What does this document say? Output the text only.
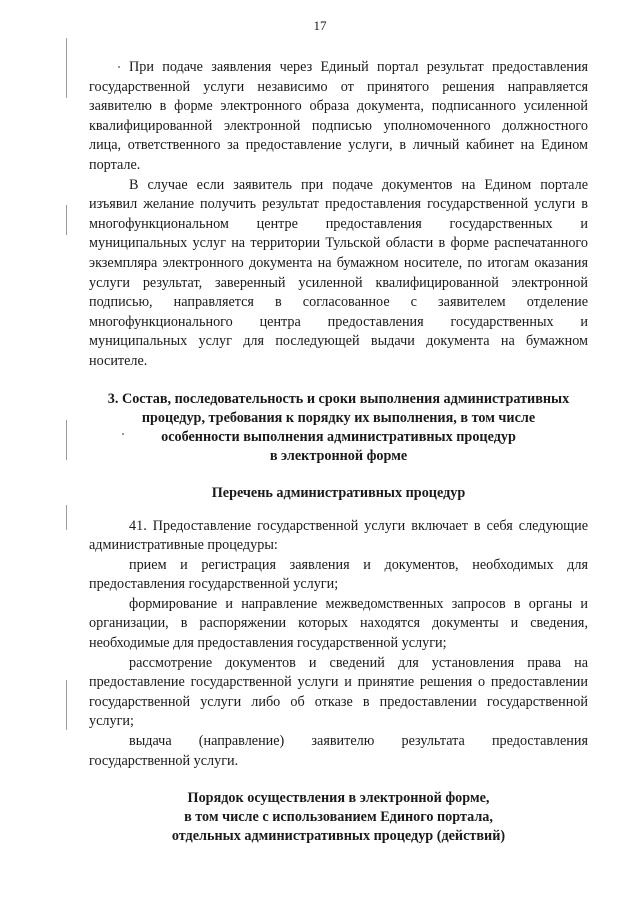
17

При подаче заявления через Единый портал результат предоставления государственной услуги независимо от принятого решения направляется заявителю в форме электронного образа документа, подписанного усиленной квалифицированной электронной подписью уполномоченного должностного лица, ответственного за предоставление услуги, в личный кабинет на Едином портале.

В случае если заявитель при подаче документов на Едином портале изъявил желание получить результат предоставления государственной услуги в многофункциональном центре предоставления государственных и муниципальных услуг на территории Тульской области в форме распечатанного экземпляра электронного документа на бумажном носителе, по итогам оказания услуги результат, заверенный усиленной квалифицированной электронной подписью, направляется в согласованное с заявителем отделение многофункционального центра предоставления государственных и муниципальных услуг для последующей выдачи документа на бумажном носителе.

3. Состав, последовательность и сроки выполнения административных
процедур, требования к порядку их выполнения, в том числе
особенности выполнения административных процедур
в электронной форме
Перечень административных процедур

41. Предоставление государственной услуги включает в себя следующие административные процедуры:

прием и регистрация заявления и документов, необходимых для предоставления государственной услуги;

формирование и направление межведомственных запросов в органы и организации, в распоряжении которых находятся документы и сведения, необходимые для предоставления государственной услуги;

рассмотрение документов и сведений для установления права на предоставление государственной услуги и принятие решения о предоставлении государственной услуги либо об отказе в предоставлении государственной услуги;

выдача (направление) заявителю результата предоставления государственной услуги.

Порядок осуществления в электронной форме,
в том числе с использованием Единого портала,
отдельных административных процедур (действий)
